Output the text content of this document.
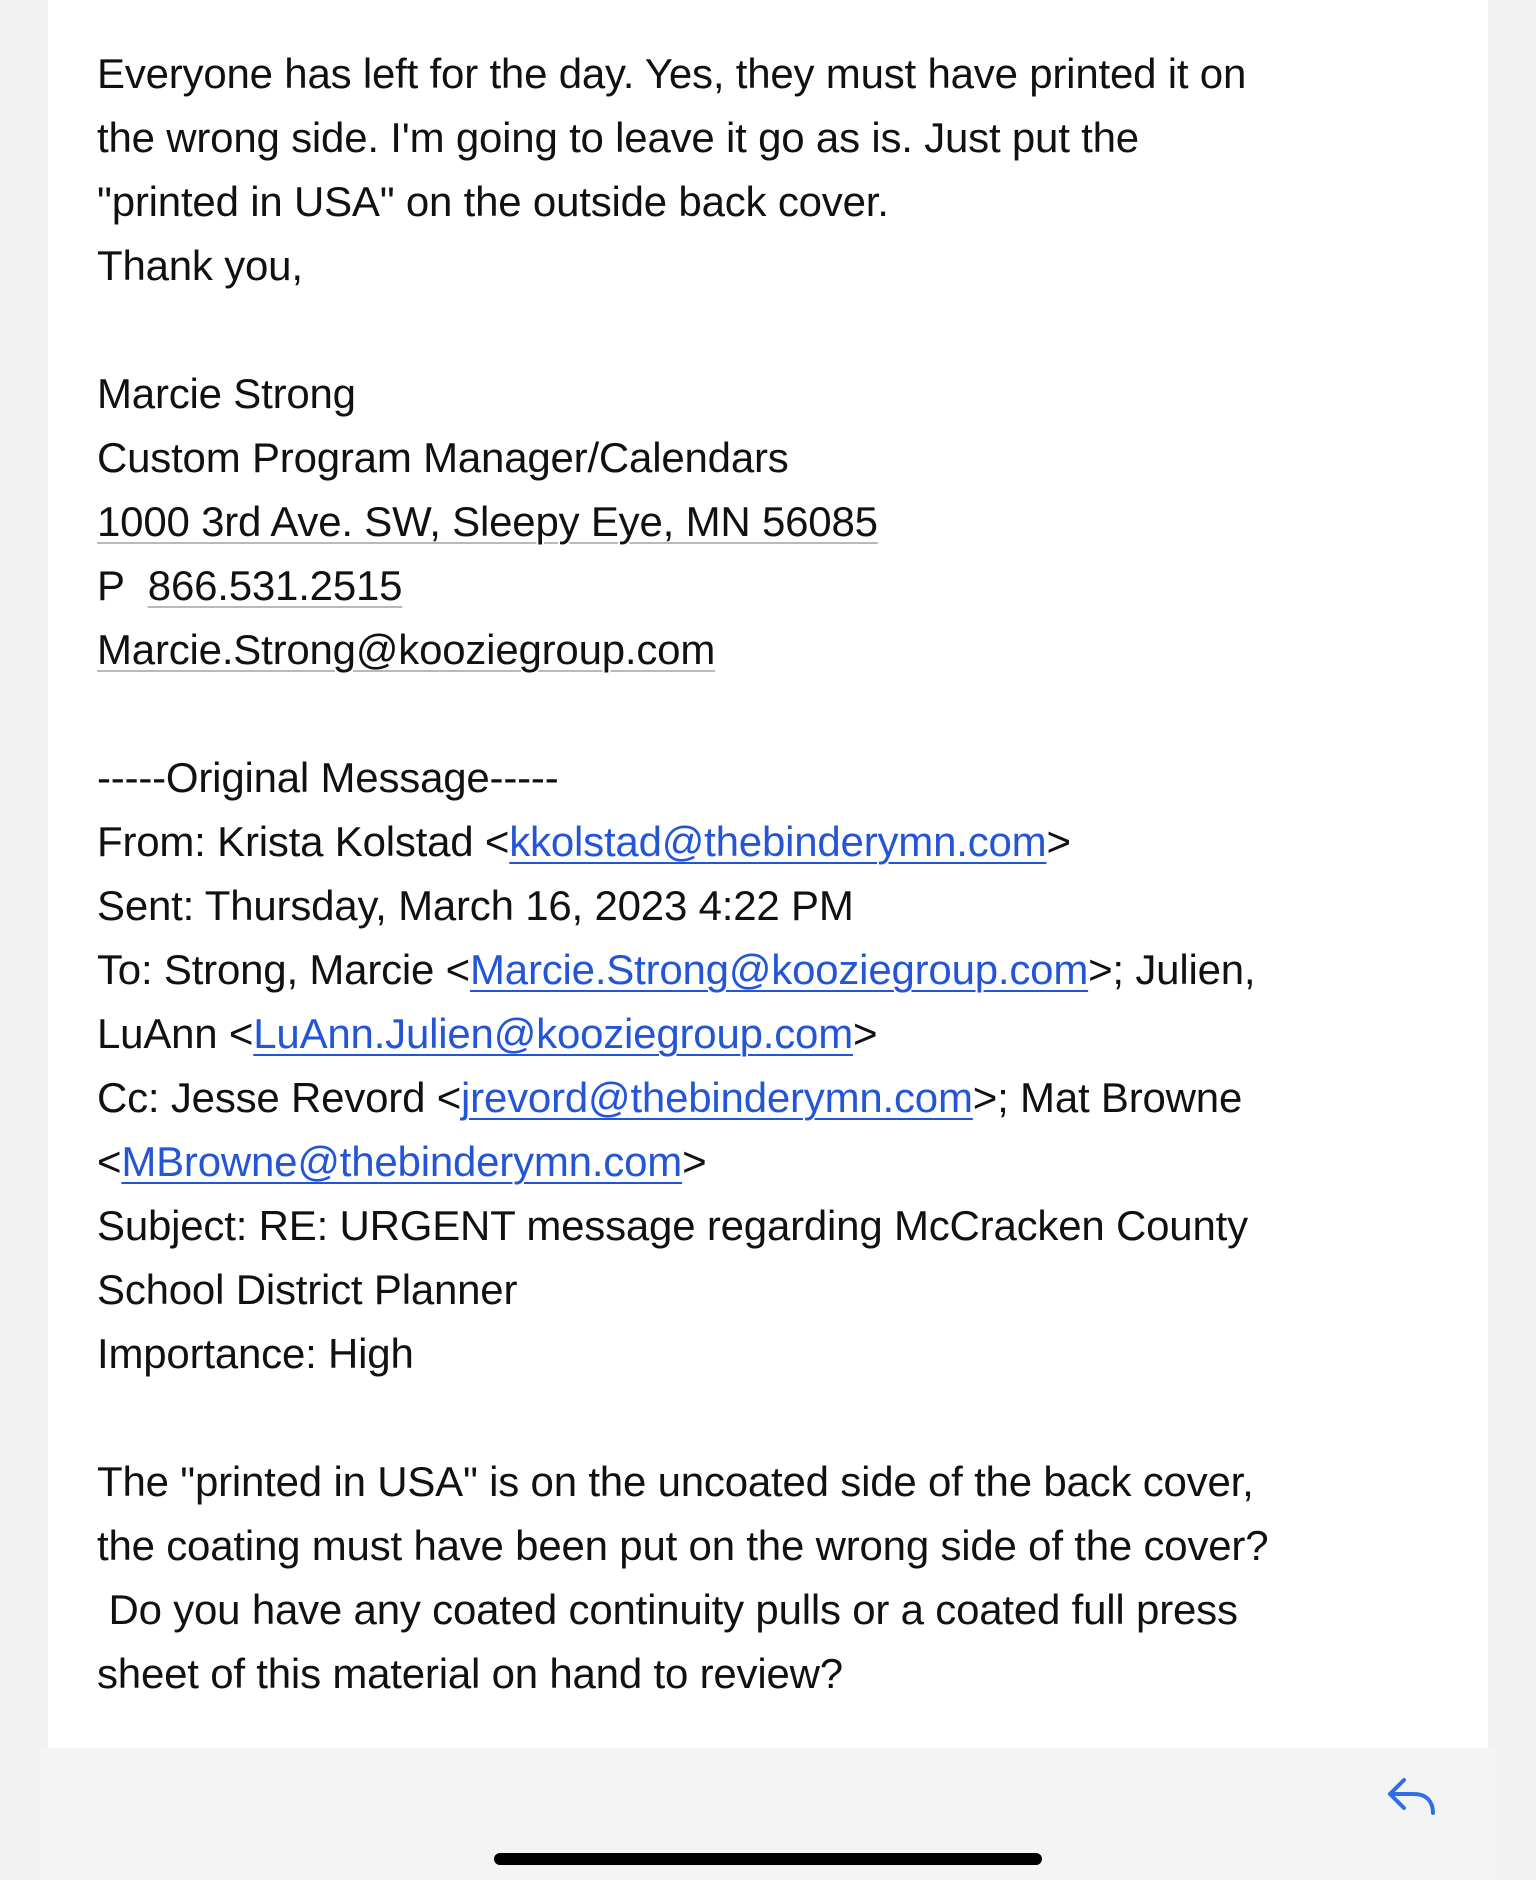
Everyone has left for the day. Yes, they must have printed it on
the wrong side. I'm going to leave it go as is. Just put the
"printed in USA" on the outside back cover.
Thank you,
Marcie Strong
Custom Program Manager/Calendars
1000 3rd Ave. SW, Sleepy Eye, MN 56085
P 866.531.2515
Marcie.Strong@kooziegroup.com
-----Original Message-----
From: Krista Kolstad <kkolstad@thebinderymn.com>
Sent: Thursday, March 16, 2023 4:22 PM
To: Strong, Marcie <Marcie.Strong@kooziegroup.com>; Julien,
LuAnn <LuAnn.Julien@kooziegroup.com>
Cc: Jesse Revord <jrevord@thebinderymn.com>; Mat Browne
<MBrowne@thebinderymn.com>
Subject: RE: URGENT message regarding McCracken County
School District Planner
Importance: High
The "printed in USA" is on the uncoated side of the back cover,
the coating must have been put on the wrong side of the cover?
Do you have any coated continuity pulls or a coated full press
sheet of this material on hand to review?
